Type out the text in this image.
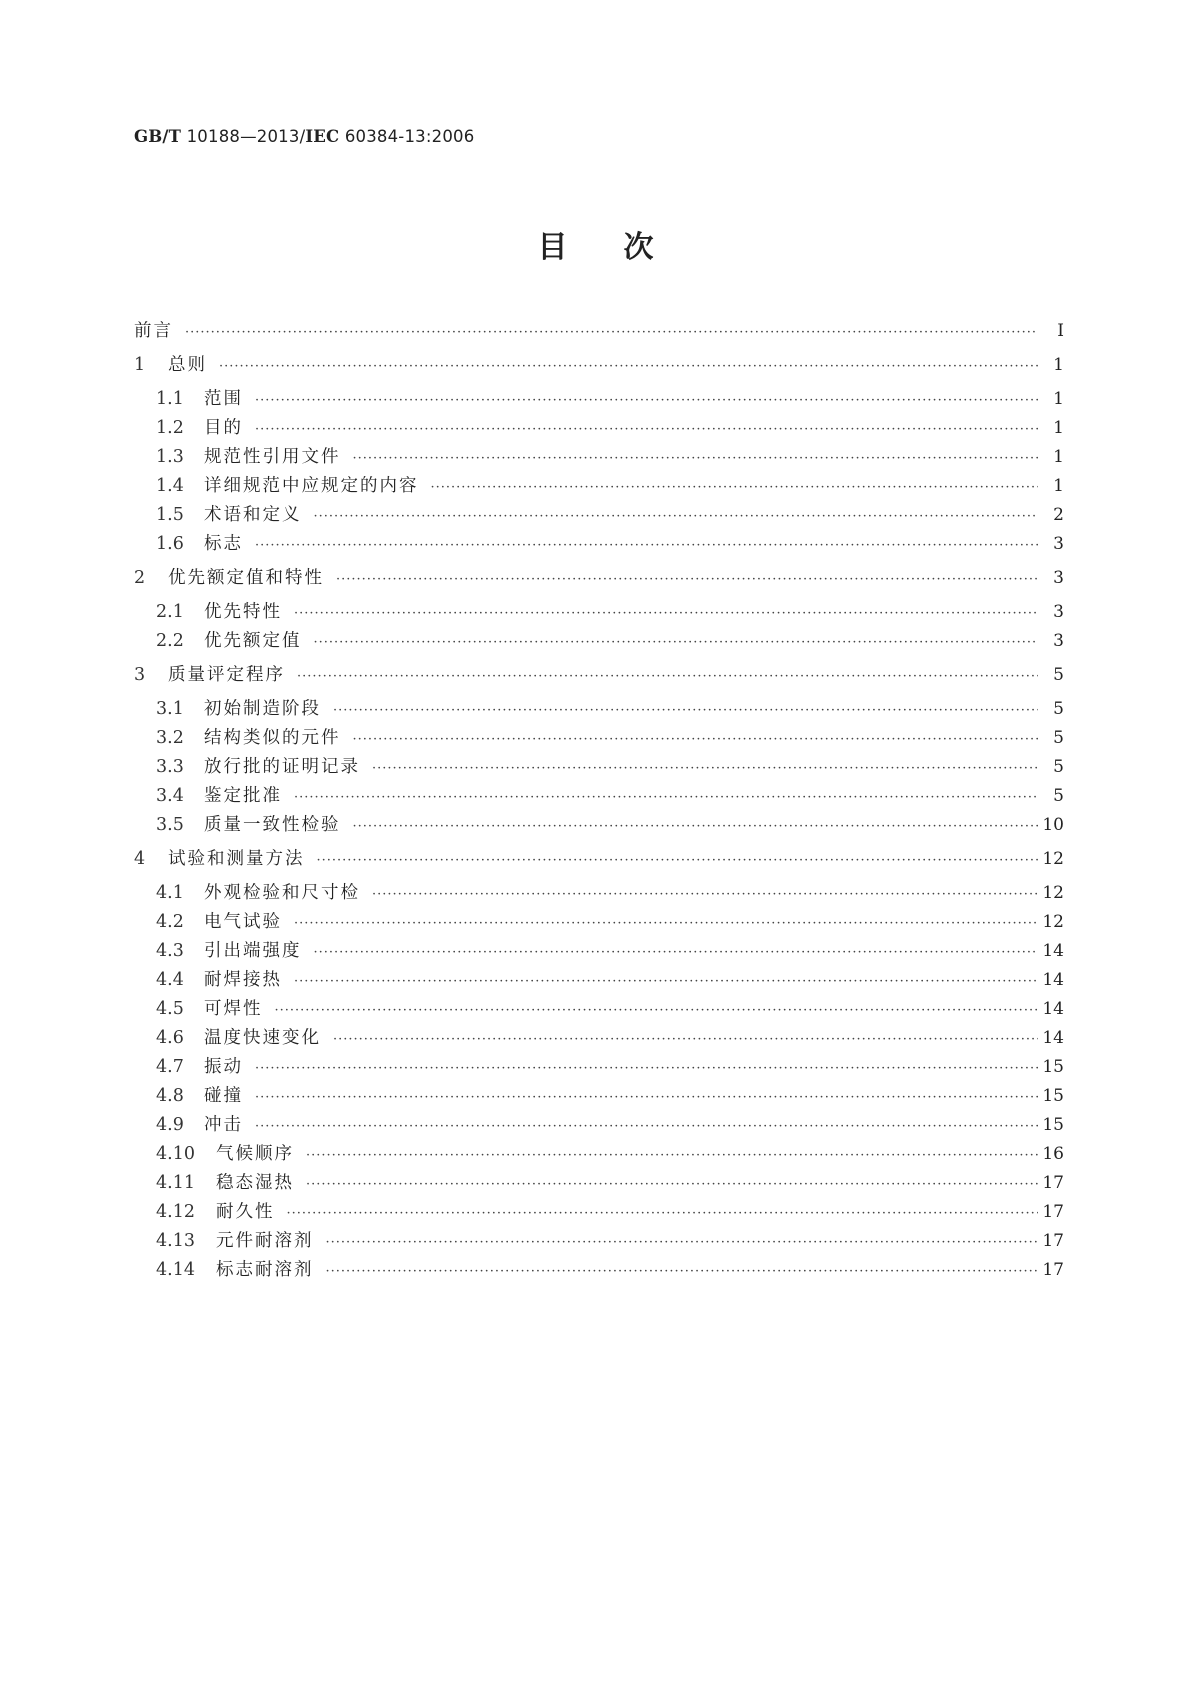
GB/T 10188—2013/IEC 60384-13:2006
目次
前言 ·····	I
1	总则 ·····	1
1.1	范围 ·····	1
1.2	目的 ·····	1
1.3	规范性引用文件 ·····	1
1.4	详细规范中应规定的内容 ·····	1
1.5	术语和定义 ·····	2
1.6	标志 ·····	3
2	优先额定值和特性 ·····	3
2.1	优先特性 ·····	3
2.2	优先额定值 ·····	3
3	质量评定程序 ·····	5
3.1	初始制造阶段 ·····	5
3.2	结构类似的元件 ·····	5
3.3	放行批的证明记录 ·····	5
3.4	鉴定批准 ·····	5
3.5	质量一致性检验 ·····	10
4	试验和测量方法 ·····	12
4.1	外观检验和尺寸检 ·····	12
4.2	电气试验 ·····	12
4.3	引出端强度 ·····	14
4.4	耐焊接热 ·····	14
4.5	可焊性 ·····	14
4.6	温度快速变化 ·····	14
4.7	振动 ·····	15
4.8	碰撞 ·····	15
4.9	冲击 ·····	15
4.10	气候顺序 ·····	16
4.11	稳态湿热 ·····	17
4.12	耐久性 ·····	17
4.13	元件耐溶剂 ·····	17
4.14	标志耐溶剂 ·····	17
